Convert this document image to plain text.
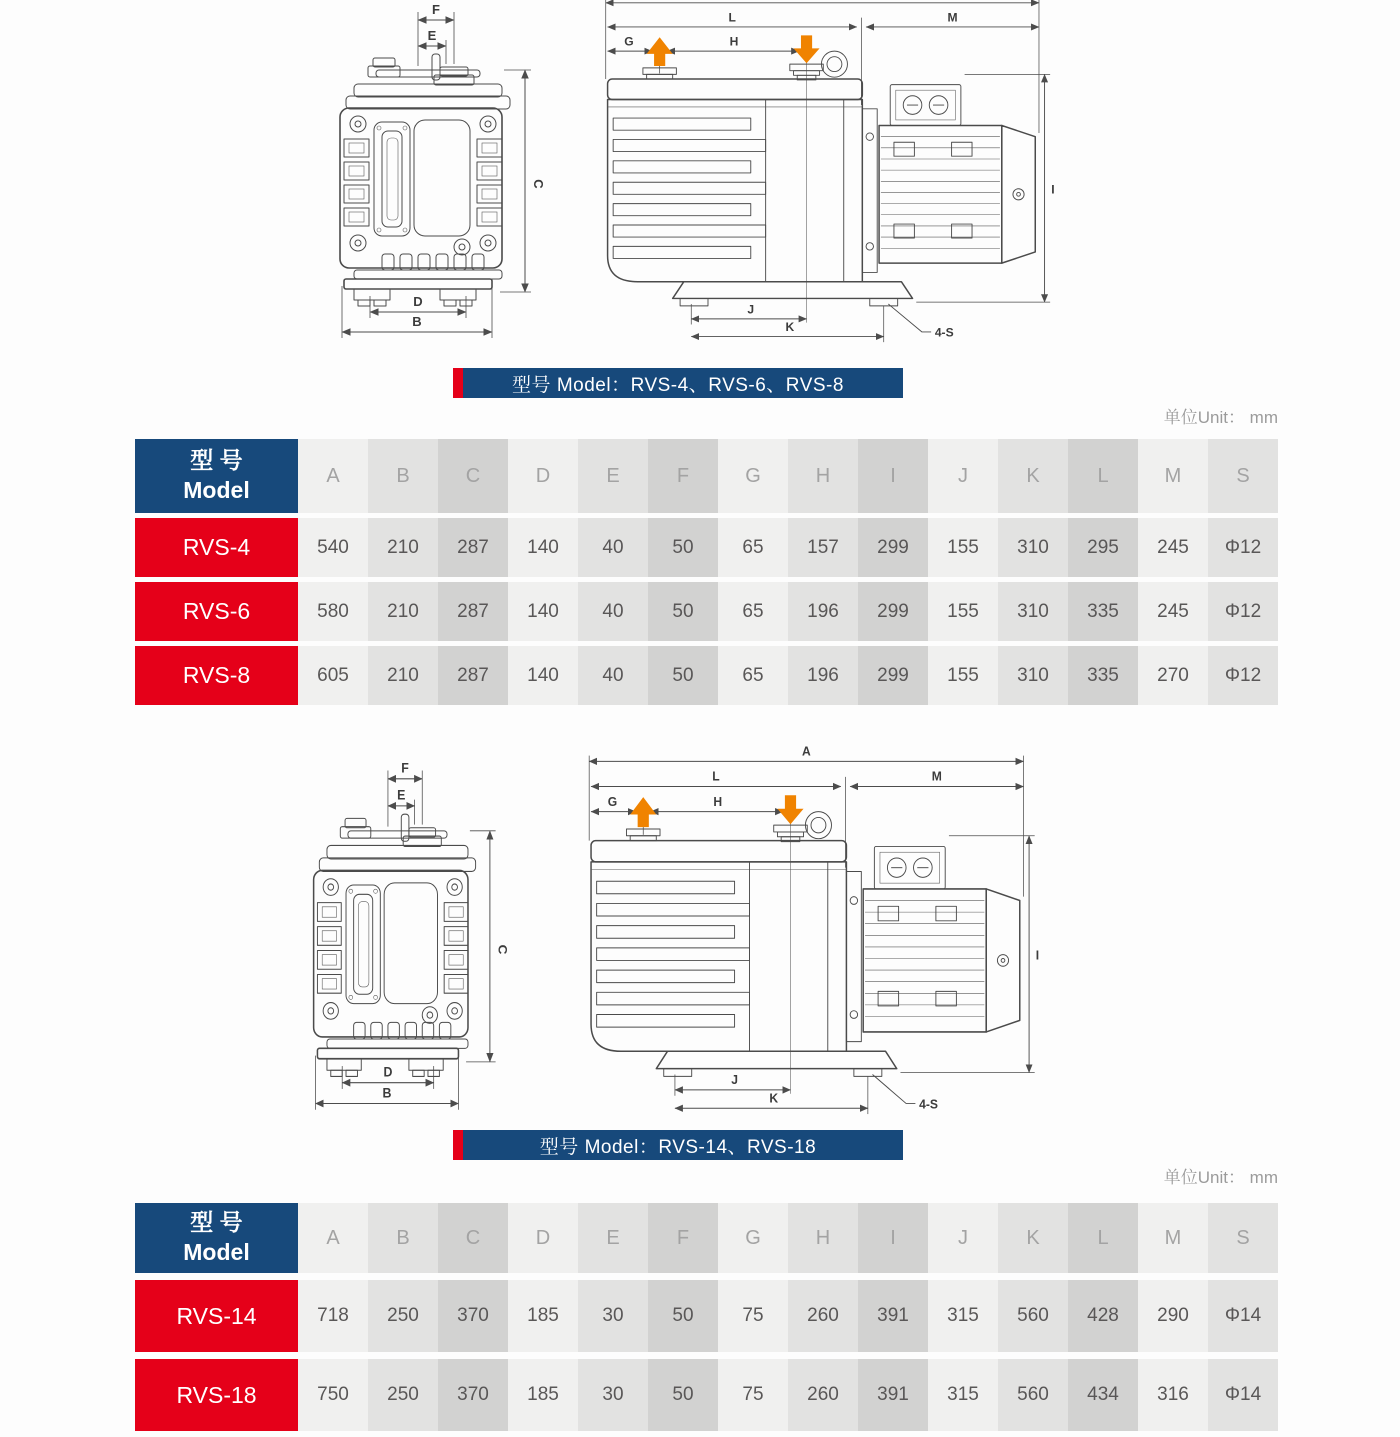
型号 Model：RVS-4、RVS-6、RVS-8
单位Unit： mm
型 号
Model
A	B	C	D	E	F	G	H	I	J	K	L	M	S
RVS-4	540	210	287	140	40	50	65	157	299	155	310	295	245	Φ12
RVS-6	580	210	287	140	40	50	65	196	299	155	310	335	245	Φ12
RVS-8	605	210	287	140	40	50	65	196	299	155	310	335	270	Φ12
型号 Model：RVS-14、RVS-18
单位Unit： mm
型 号
Model
A	B	C	D	E	F	G	H	I	J	K	L	M	S
RVS-14	718	250	370	185	30	50	75	260	391	315	560	428	290	Φ14
RVS-18	750	250	370	185	30	50	75	260	391	315	560	434	316	Φ14
